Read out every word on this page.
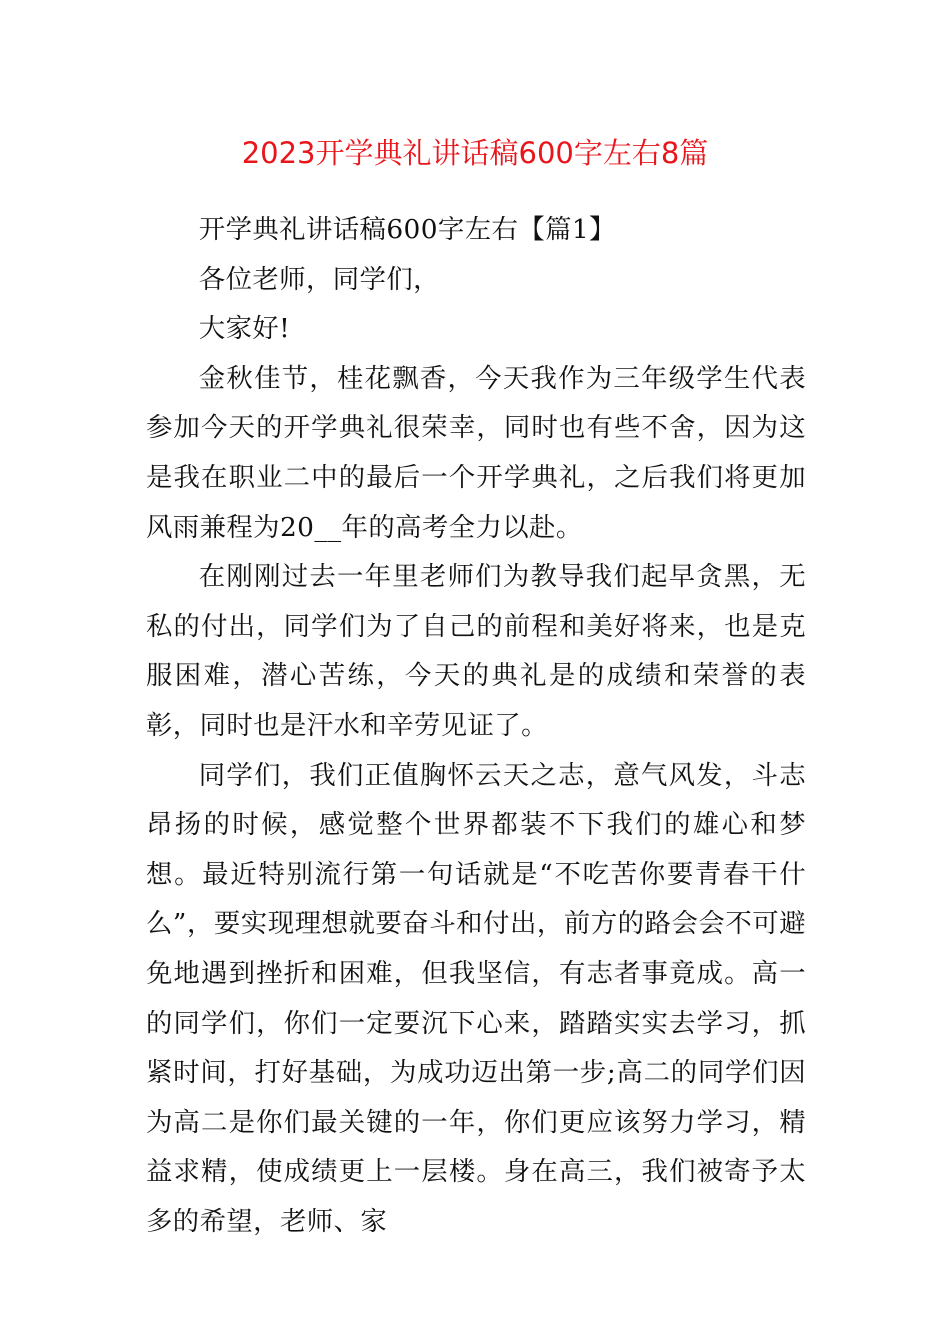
2023开学典礼讲话稿600字左右8篇

开学典礼讲话稿600字左右【篇1】

各位老师，同学们，

大家好!

金秋佳节，桂花飘香，今天我作为三年级学生代表参加今天的开学典礼很荣幸，同时也有些不舍，因为这是我在职业二中的最后一个开学典礼，之后我们将更加风雨兼程为20__年的高考全力以赴。

在刚刚过去一年里老师们为教导我们起早贪黑，无私的付出，同学们为了自己的前程和美好将来，也是克服困难，潜心苦练，今天的典礼是的成绩和荣誉的表彰，同时也是汗水和辛劳见证了。

同学们，我们正值胸怀云天之志，意气风发，斗志昂扬的时候，感觉整个世界都装不下我们的雄心和梦想。最近特别流行第一句话就是“不吃苦你要青春干什么”，要实现理想就要奋斗和付出，前方的路会会不可避免地遇到挫折和困难，但我坚信，有志者事竟成。高一的同学们，你们一定要沉下心来，踏踏实实去学习，抓紧时间，打好基础，为成功迈出第一步;高二的同学们因为高二是你们最关键的一年，你们更应该努力学习，精益求精，使成绩更上一层楼。身在高三，我们被寄予太多的希望，老师、家
